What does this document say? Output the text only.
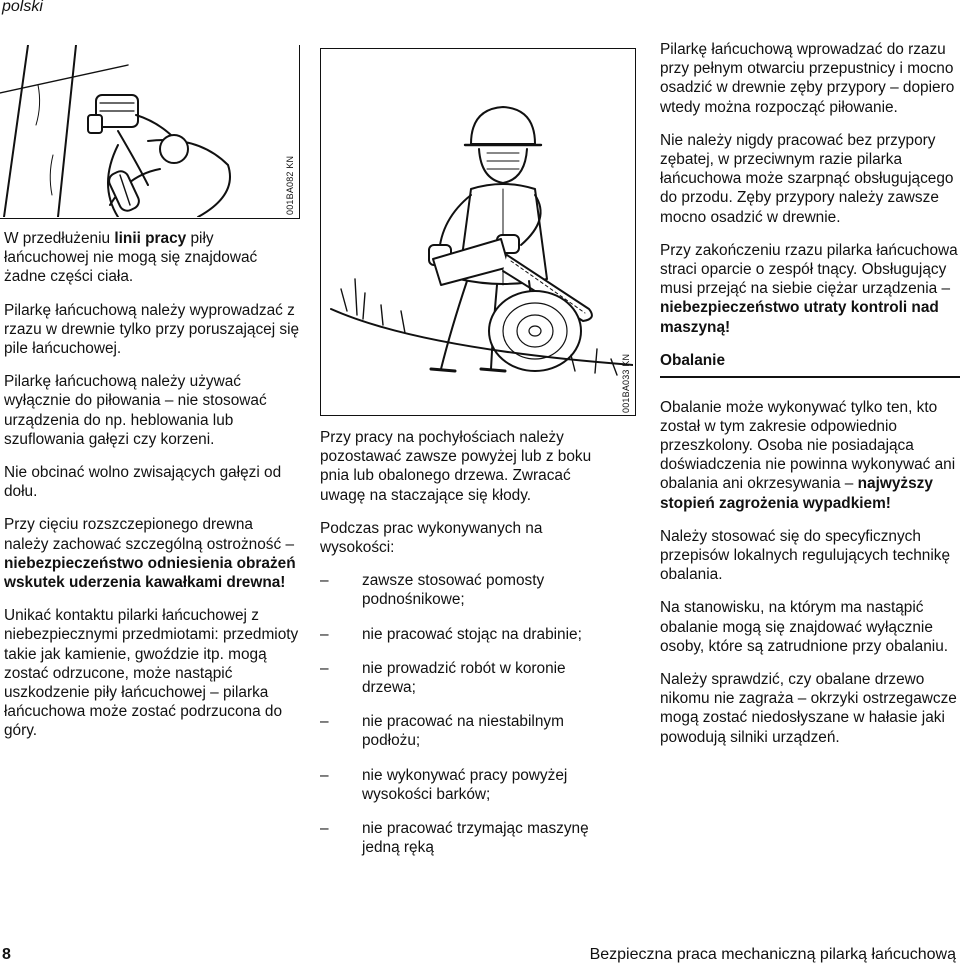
polski
001BA082 KN
001BA033 KN

W przedłużeniu linii pracy piły łańcuchowej nie mogą się znajdować żadne części ciała.

Pilarkę łańcuchową należy wyprowadzać z rzazu w drewnie tylko przy poruszającej się pile łańcuchowej.

Pilarkę łańcuchową należy używać wyłącznie do piłowania – nie stosować urządzenia do np. heblowania lub szuflowania gałęzi czy korzeni.

Nie obcinać wolno zwisających gałęzi od dołu.

Przy cięciu rozszczepionego drewna należy zachować szczególną ostrożność – niebezpieczeństwo odniesienia obrażeń wskutek uderzenia kawałkami drewna!

Unikać kontaktu pilarki łańcuchowej z niebezpiecznymi przedmiotami: przedmioty takie jak kamienie, gwoździe itp. mogą zostać odrzucone, może nastąpić uszkodzenie piły łańcuchowej – pilarka łańcuchowa może zostać podrzucona do góry.

Przy pracy na pochyłościach należy pozostawać zawsze powyżej lub z boku pnia lub obalonego drzewa. Zwracać uwagę na staczające się kłody.

Podczas prac wykonywanych na wysokości:

– zawsze stosować pomosty podnośnikowe;
– nie pracować stojąc na drabinie;
– nie prowadzić robót w koronie drzewa;
– nie pracować na niestabilnym podłożu;
– nie wykonywać pracy powyżej wysokości barków;
– nie pracować trzymając maszynę jedną ręką

Pilarkę łańcuchową wprowadzać do rzazu przy pełnym otwarciu przepustnicy i mocno osadzić w drewnie zęby przypory – dopiero wtedy można rozpocząć piłowanie.

Nie należy nigdy pracować bez przypory zębatej, w przeciwnym razie pilarka łańcuchowa może szarpnąć obsługującego do przodu. Zęby przypory należy zawsze mocno osadzić w drewnie.

Przy zakończeniu rzazu pilarka łańcuchowa straci oparcie o zespół tnący. Obsługujący musi przejąć na siebie ciężar urządzenia – niebezpieczeństwo utraty kontroli nad maszyną!

Obalanie

Obalanie może wykonywać tylko ten, kto został w tym zakresie odpowiednio przeszkolony. Osoba nie posiadająca doświadczenia nie powinna wykonywać ani obalania ani okrzesywania – najwyższy stopień zagrożenia wypadkiem!

Należy stosować się do specyficznych przepisów lokalnych regulujących technikę obalania.

Na stanowisku, na którym ma nastąpić obalanie mogą się znajdować wyłącznie osoby, które są zatrudnione przy obalaniu.

Należy sprawdzić, czy obalane drzewo nikomu nie zagraża – okrzyki ostrzegawcze mogą zostać niedosłyszane w hałasie jaki powodują silniki urządzeń.

8	Bezpieczna praca mechaniczną pilarką łańcuchową
